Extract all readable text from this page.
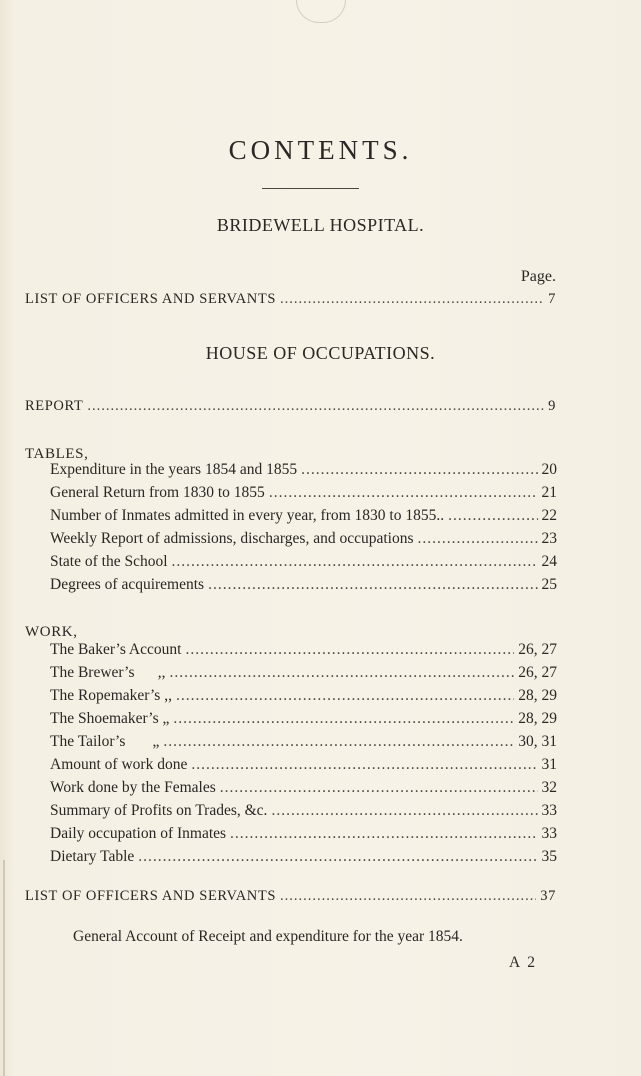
CONTENTS.
BRIDEWELL HOSPITAL.
Page.
LIST OF OFFICERS AND SERVANTS .....	7
HOUSE OF OCCUPATIONS.
REPORT .....	9
TABLES,
Expenditure in the years 1854 and 1855 .....	20
General Return from 1830 to 1855 .....	21
Number of Inmates admitted in every year, from 1830 to 1855.. .....	22
Weekly Report of admissions, discharges, and occupations .....	23
State of the School .....	24
Degrees of acquirements .....	25
WORK,
The Baker’s Account .....	26, 27
The Brewer’s      ,, .....	26, 27
The Ropemaker’s ,, .....	28, 29
The Shoemaker’s „ .....	28, 29
The Tailor’s       „ .....	30, 31
Amount of work done .....	31
Work done by the Females .....	32
Summary of Profits on Trades, &c. .....	33
Daily occupation of Inmates .....	33
Dietary Table .....	35
LIST OF OFFICERS AND SERVANTS .....	37
General Account of Receipt and expenditure for the year 1854.
A 2
